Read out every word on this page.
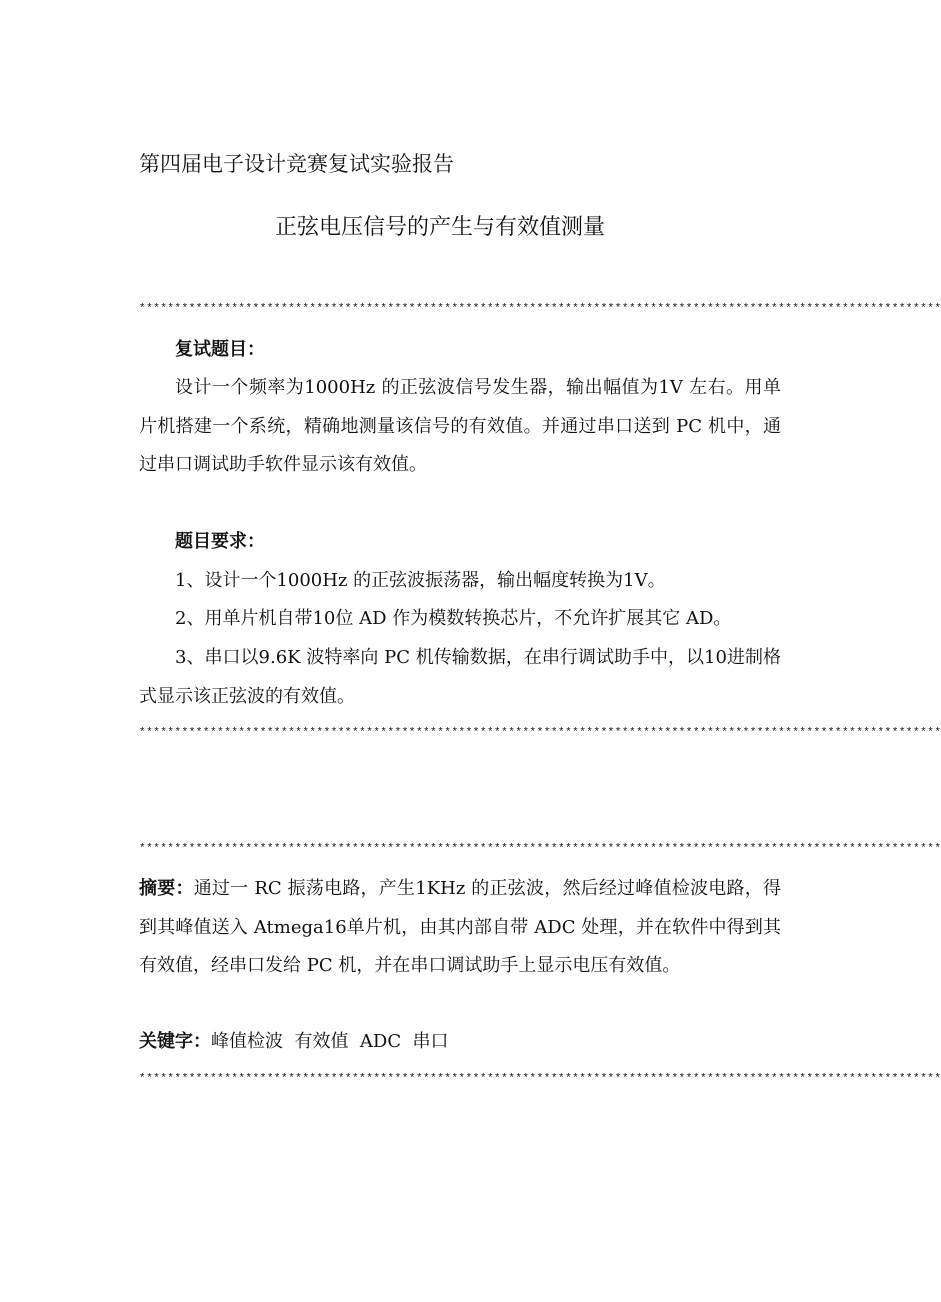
第四届电子设计竞赛复试实验报告
正弦电压信号的产生与有效值测量
*****************************************************************************************************************
复试题目：
设计一个频率为1000Hz 的正弦波信号发生器，输出幅值为1V 左右。用单片机搭建一个系统，精确地测量该信号的有效值。并通过串口送到 PC 机中，通过串口调试助手软件显示该有效值。
题目要求：
1、设计一个1000Hz 的正弦波振荡器，输出幅度转换为1V。
2、用单片机自带10位 AD 作为模数转换芯片，不允许扩展其它 AD。
3、串口以9.6K 波特率向 PC 机传输数据，在串行调试助手中，以10进制格式显示该正弦波的有效值。
*****************************************************************************************************************
*****************************************************************************************************************
摘要：通过一 RC 振荡电路，产生1KHz 的正弦波，然后经过峰值检波电路，得到其峰值送入 Atmega16单片机，由其内部自带 ADC 处理，并在软件中得到其有效值，经串口发给 PC 机，并在串口调试助手上显示电压有效值。
关键字：峰值检波  有效值  ADC  串口
*****************************************************************************************************************
